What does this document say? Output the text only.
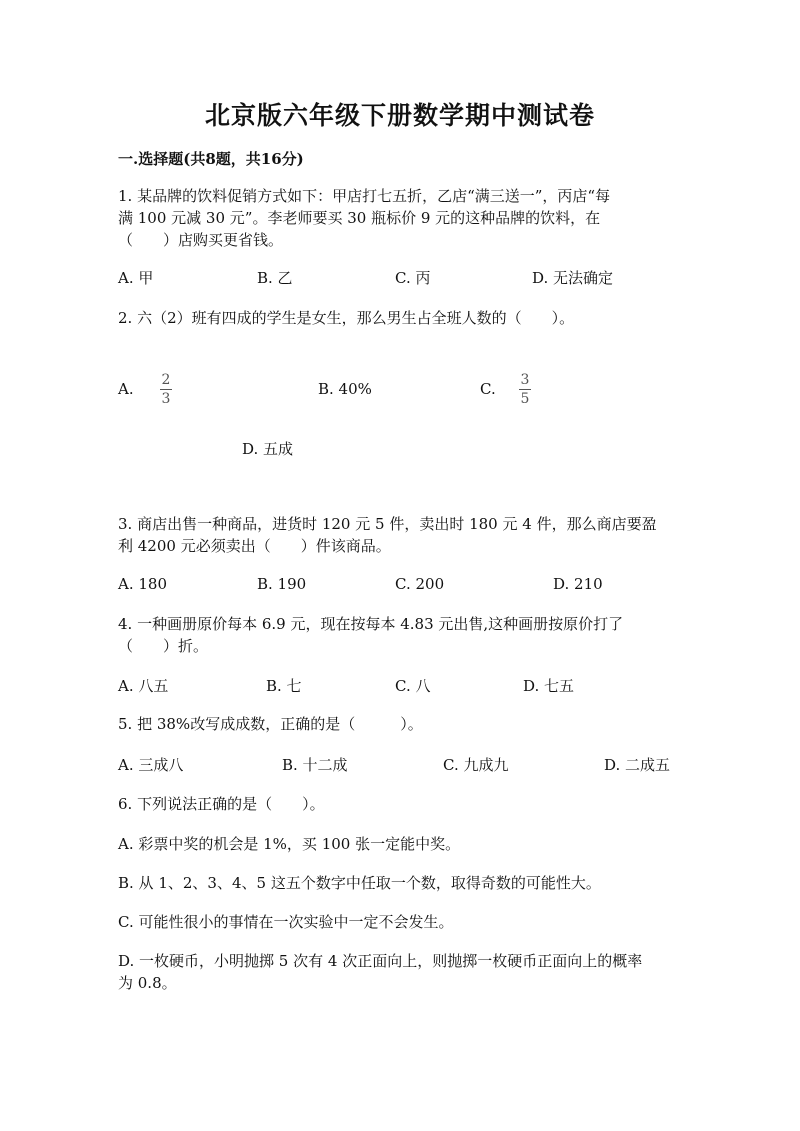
北京版六年级下册数学期中测试卷
一.选择题(共8题，共16分)
1. 某品牌的饮料促销方式如下：甲店打七五折，乙店“满三送一”，丙店“每
满 100 元减 30 元”。李老师要买 30 瓶标价 9 元的这种品牌的饮料，在
（　　）店购买更省钱。
A. 甲	B. 乙	C. 丙	D. 无法确定
2. 六（2）班有四成的学生是女生，那么男生占全班人数的（　　）。
A. 2
3
B. 40%	C. 3
5
D. 五成
3. 商店出售一种商品，进货时 120 元 5 件，卖出时 180 元 4 件，那么商店要盈
利 4200 元必须卖出（　　）件该商品。
A. 180	B. 190	C. 200	D. 210
4. 一种画册原价每本 6.9 元，现在按每本 4.83 元出售,这种画册按原价打了
（　　）折。
A. 八五	B. 七	C. 八	D. 七五
5. 把 38%改写成成数，正确的是（　　　）。
A. 三成八	B. 十二成	C. 九成九	D. 二成五
6. 下列说法正确的是（　　）。
A. 彩票中奖的机会是 1%，买 100 张一定能中奖。
B. 从 1、2、3、4、5 这五个数字中任取一个数，取得奇数的可能性大。
C. 可能性很小的事情在一次实验中一定不会发生。
D. 一枚硬币，小明抛掷 5 次有 4 次正面向上，则抛掷一枚硬币正面向上的概率
为 0.8。
